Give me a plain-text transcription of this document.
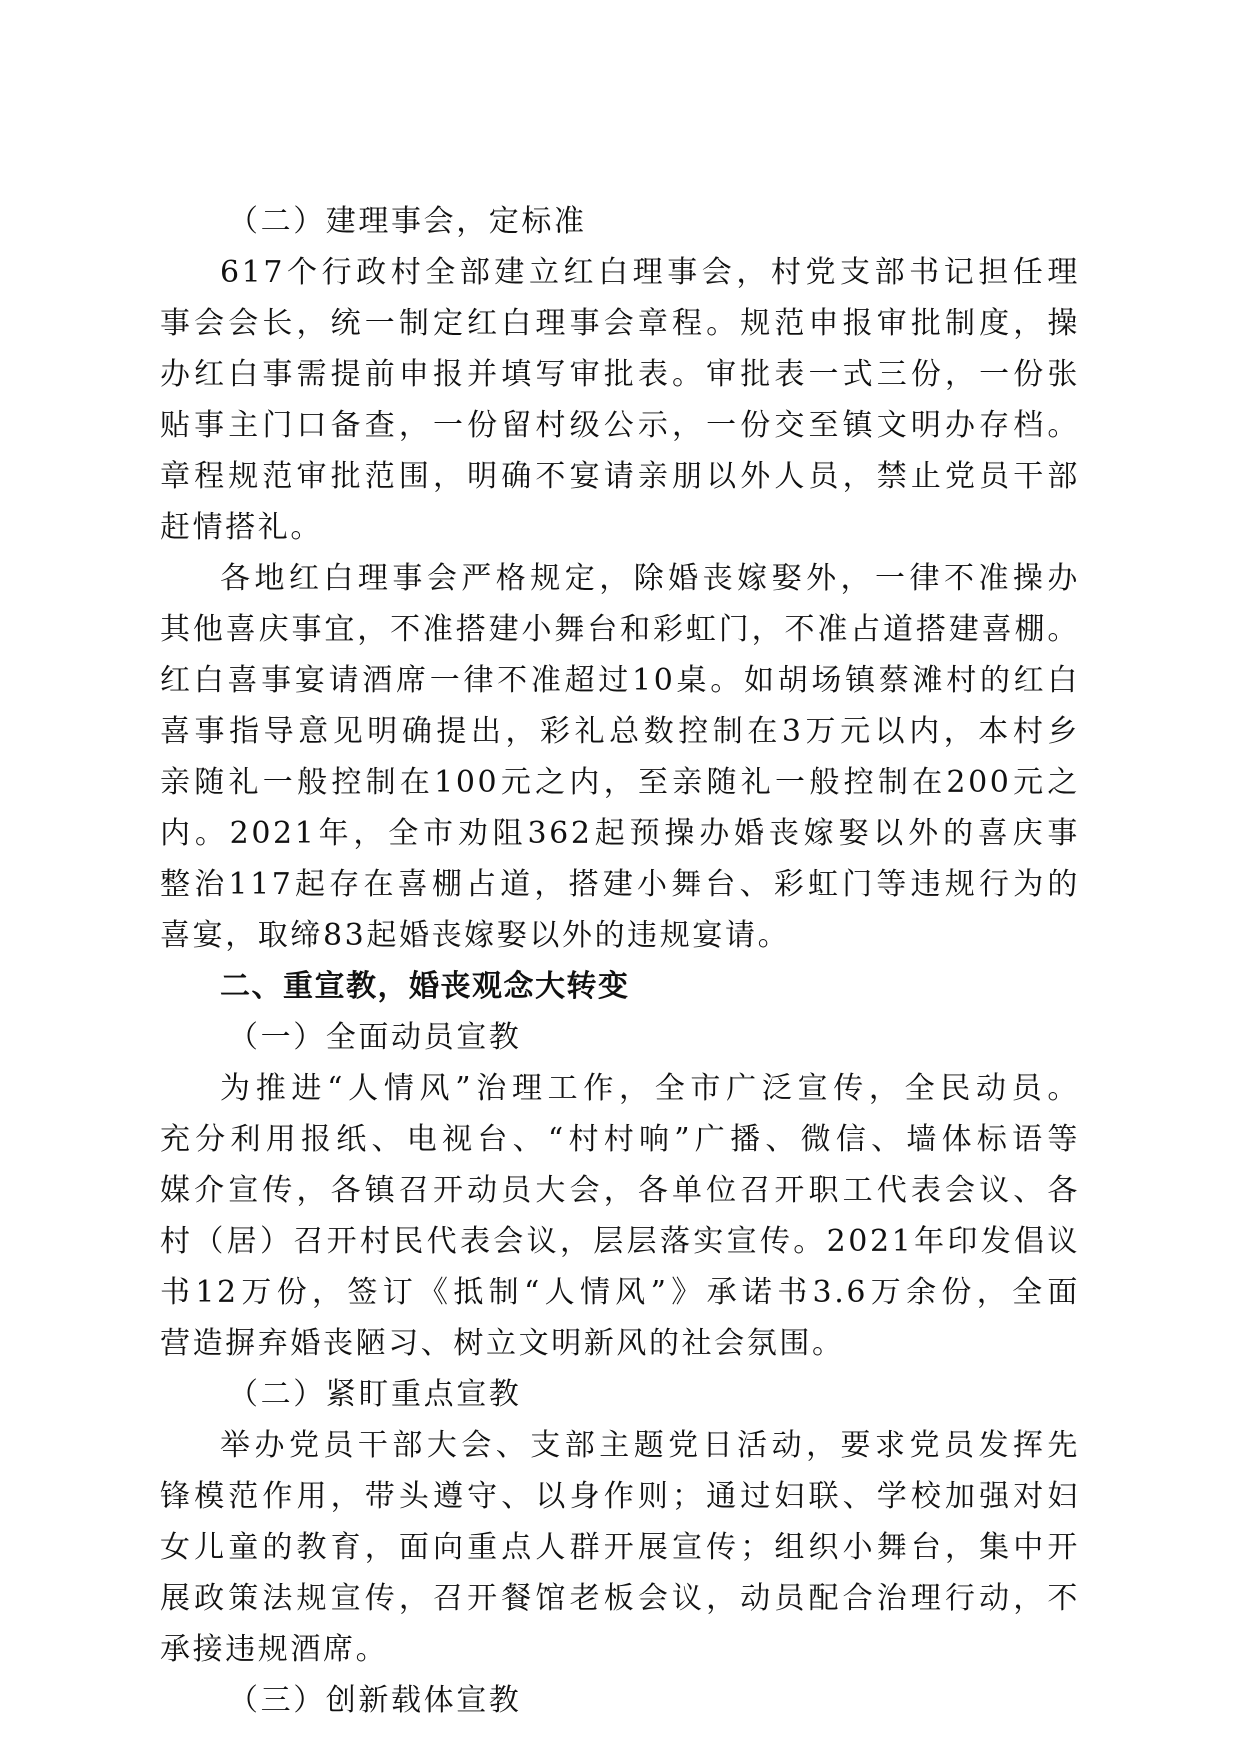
（二）建理事会，定标准
617个行政村全部建立红白理事会，村党支部书记担任理
事会会长，统一制定红白理事会章程。规范申报审批制度，操
办红白事需提前申报并填写审批表。审批表一式三份，一份张
贴事主门口备查，一份留村级公示，一份交至镇文明办存档。
章程规范审批范围，明确不宴请亲朋以外人员，禁止党员干部
赶情搭礼。
各地红白理事会严格规定，除婚丧嫁娶外，一律不准操办
其他喜庆事宜，不准搭建小舞台和彩虹门，不准占道搭建喜棚。
红白喜事宴请酒席一律不准超过10桌。如胡场镇蔡滩村的红白
喜事指导意见明确提出，彩礼总数控制在3万元以内，本村乡
亲随礼一般控制在100元之内，至亲随礼一般控制在200元之
内。2021年，全市劝阻362起预操办婚丧嫁娶以外的喜庆事
整治117起存在喜棚占道，搭建小舞台、彩虹门等违规行为的
喜宴，取缔83起婚丧嫁娶以外的违规宴请。
二、重宣教，婚丧观念大转变
（一）全面动员宣教
为推进“人情风”治理工作，全市广泛宣传，全民动员。
充分利用报纸、电视台、“村村响”广播、微信、墙体标语等
媒介宣传，各镇召开动员大会，各单位召开职工代表会议、各
村（居）召开村民代表会议，层层落实宣传。2021年印发倡议
书12万份，签订《抵制“人情风”》承诺书3.6万余份，全面
营造摒弃婚丧陋习、树立文明新风的社会氛围。
（二）紧盯重点宣教
举办党员干部大会、支部主题党日活动，要求党员发挥先
锋模范作用，带头遵守、以身作则；通过妇联、学校加强对妇
女儿童的教育，面向重点人群开展宣传；组织小舞台，集中开
展政策法规宣传，召开餐馆老板会议，动员配合治理行动，不
承接违规酒席。
（三）创新载体宣教
